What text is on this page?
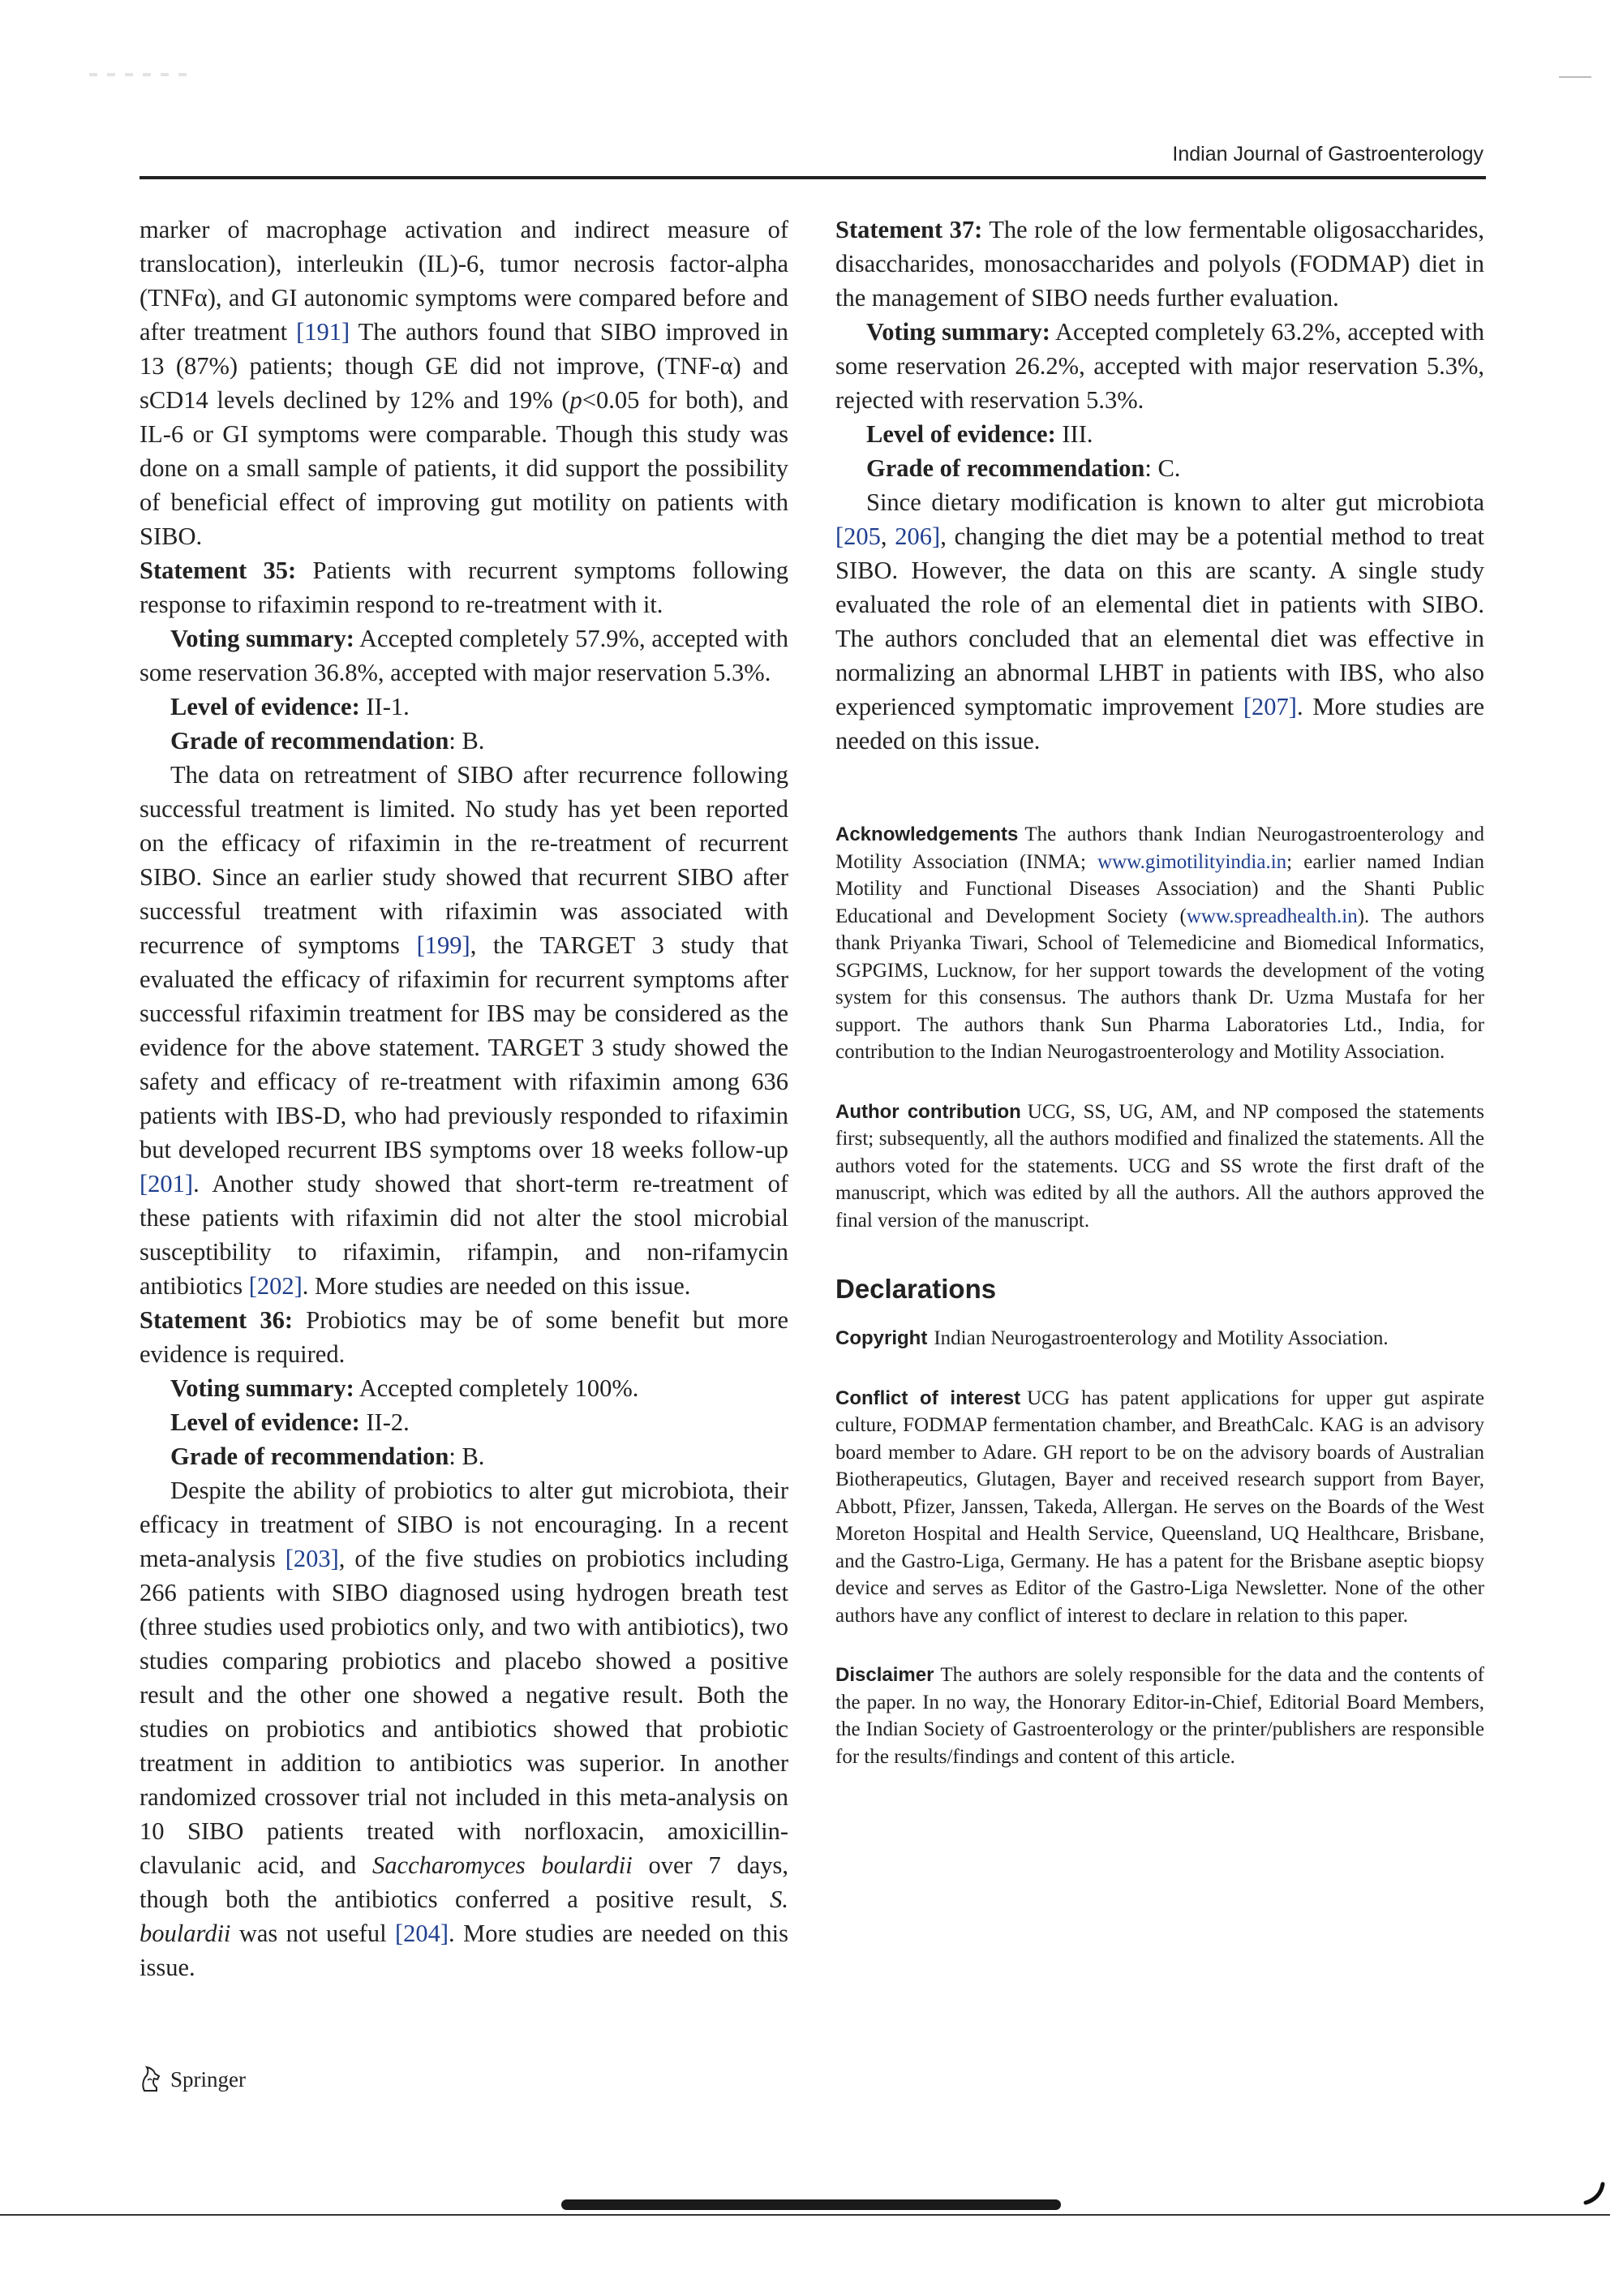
Indian Journal of Gastroenterology

marker of macrophage activation and indirect measure of translocation), interleukin (IL)-6, tumor necrosis factor-alpha (TNFα), and GI autonomic symptoms were compared before and after treatment [191] The authors found that SIBO improved in 13 (87%) patients; though GE did not improve, (TNF-α) and sCD14 levels declined by 12% and 19% (p<0.05 for both), and IL-6 or GI symptoms were comparable. Though this study was done on a small sample of patients, it did support the possibility of beneficial effect of improving gut motility on patients with SIBO.

Statement 35: Patients with recurrent symptoms following response to rifaximin respond to re-treatment with it.

Voting summary: Accepted completely 57.9%, accepted with some reservation 36.8%, accepted with major reservation 5.3%.

Level of evidence: II-1.

Grade of recommendation: B.

The data on retreatment of SIBO after recurrence following successful treatment is limited. No study has yet been reported on the efficacy of rifaximin in the re-treatment of recurrent SIBO. Since an earlier study showed that recurrent SIBO after successful treatment with rifaximin was associated with recurrence of symptoms [199], the TARGET 3 study that evaluated the efficacy of rifaximin for recurrent symptoms after successful rifaximin treatment for IBS may be considered as the evidence for the above statement. TARGET 3 study showed the safety and efficacy of re-treatment with rifaximin among 636 patients with IBS-D, who had previously responded to rifaximin but developed recurrent IBS symptoms over 18 weeks follow-up [201]. Another study showed that short-term re-treatment of these patients with rifaximin did not alter the stool microbial susceptibility to rifaximin, rifampin, and non-rifamycin antibiotics [202]. More studies are needed on this issue.

Statement 36: Probiotics may be of some benefit but more evidence is required.

Voting summary: Accepted completely 100%.

Level of evidence: II-2.

Grade of recommendation: B.

Despite the ability of probiotics to alter gut microbiota, their efficacy in treatment of SIBO is not encouraging. In a recent meta-analysis [203], of the five studies on probiotics including 266 patients with SIBO diagnosed using hydrogen breath test (three studies used probiotics only, and two with antibiotics), two studies comparing probiotics and placebo showed a positive result and the other one showed a negative result. Both the studies on probiotics and antibiotics showed that probiotic treatment in addition to antibiotics was superior. In another randomized crossover trial not included in this meta-analysis on 10 SIBO patients treated with norfloxacin, amoxicillin-clavulanic acid, and Saccharomyces boulardii over 7 days, though both the antibiotics conferred a positive result, S. boulardii was not useful [204]. More studies are needed on this issue.

Statement 37: The role of the low fermentable oligosaccharides, disaccharides, monosaccharides and polyols (FODMAP) diet in the management of SIBO needs further evaluation.

Voting summary: Accepted completely 63.2%, accepted with some reservation 26.2%, accepted with major reservation 5.3%, rejected with reservation 5.3%.

Level of evidence: III.

Grade of recommendation: C.

Since dietary modification is known to alter gut microbiota [205, 206], changing the diet may be a potential method to treat SIBO. However, the data on this are scanty. A single study evaluated the role of an elemental diet in patients with SIBO. The authors concluded that an elemental diet was effective in normalizing an abnormal LHBT in patients with IBS, who also experienced symptomatic improvement [207]. More studies are needed on this issue.

Acknowledgements The authors thank Indian Neurogastroenterology and Motility Association (INMA; www.gimotilityindia.in; earlier named Indian Motility and Functional Diseases Association) and the Shanti Public Educational and Development Society (www.spreadhealth.in). The authors thank Priyanka Tiwari, School of Telemedicine and Biomedical Informatics, SGPGIMS, Lucknow, for her support towards the development of the voting system for this consensus. The authors thank Dr. Uzma Mustafa for her support. The authors thank Sun Pharma Laboratories Ltd., India, for contribution to the Indian Neurogastroenterology and Motility Association.
Author contribution UCG, SS, UG, AM, and NP composed the statements first; subsequently, all the authors modified and finalized the statements. All the authors voted for the statements. UCG and SS wrote the first draft of the manuscript, which was edited by all the authors. All the authors approved the final version of the manuscript.
Declarations
Copyright Indian Neurogastroenterology and Motility Association.
Conflict of interest UCG has patent applications for upper gut aspirate culture, FODMAP fermentation chamber, and BreathCalc. KAG is an advisory board member to Adare. GH report to be on the advisory boards of Australian Biotherapeutics, Glutagen, Bayer and received research support from Bayer, Abbott, Pfizer, Janssen, Takeda, Allergan. He serves on the Boards of the West Moreton Hospital and Health Service, Queensland, UQ Healthcare, Brisbane, and the Gastro-Liga, Germany. He has a patent for the Brisbane aseptic biopsy device and serves as Editor of the Gastro-Liga Newsletter. None of the other authors have any conflict of interest to declare in relation to this paper.
Disclaimer The authors are solely responsible for the data and the contents of the paper. In no way, the Honorary Editor-in-Chief, Editorial Board Members, the Indian Society of Gastroenterology or the printer/publishers are responsible for the results/findings and content of this article.
Springer
